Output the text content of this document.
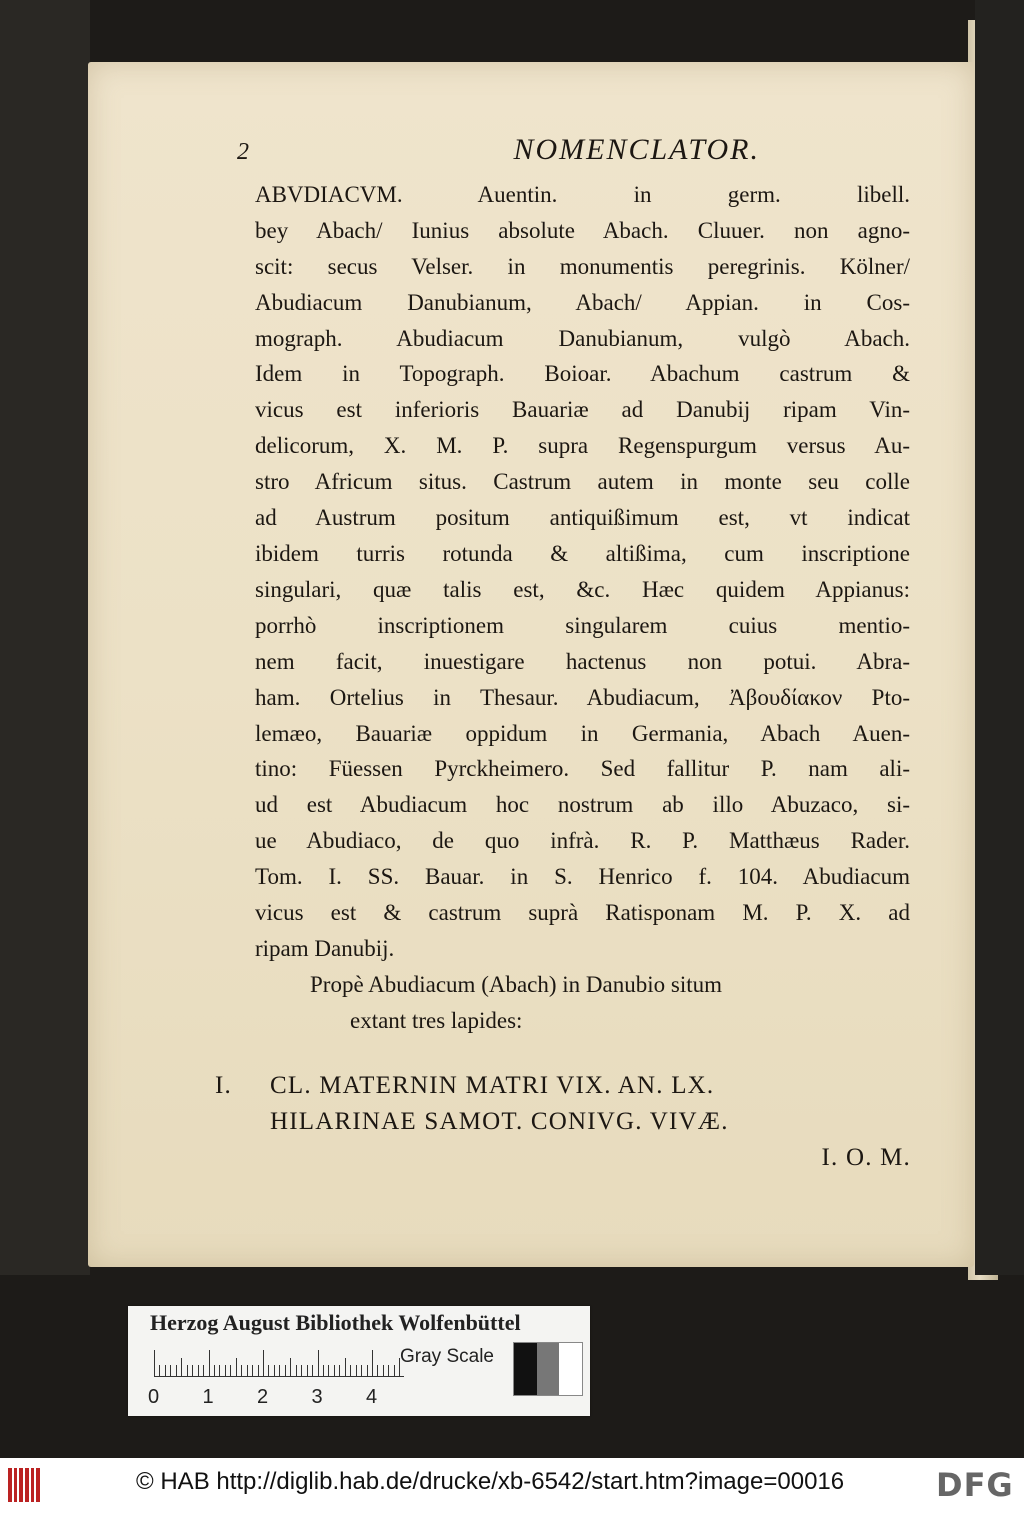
2	NOMENCLATOR.
ABVDIACVM. Auentin. in germ. libell.
bey Abach/ Iunius absolute Abach. Cluuer. non agno-
scit: secus Velser. in monumentis peregrinis. Kölner/
Abudiacum Danubianum, Abach/ Appian. in Cos-
mograph. Abudiacum Danubianum, vulgò Abach.
Idem in Topograph. Boioar. Abachum castrum &
vicus est inferioris Bauariæ ad Danubij ripam Vin-
delicorum, X. M. P. supra Regenspurgum versus Au-
stro Africum situs. Castrum autem in monte seu colle
ad Austrum positum antiquißimum est, vt indicat
ibidem turris rotunda & altißima, cum inscriptione
singulari, quæ talis est, &c. Hæc quidem Appianus:
porrhò inscriptionem singularem cuius mentio-
nem facit, inuestigare hactenus non potui. Abra-
ham. Ortelius in Thesaur. Abudiacum, Ἀβουδίακον Pto-
lemæo, Bauariæ oppidum in Germania, Abach Auen-
tino: Füessen Pyrckheimero. Sed fallitur P. nam ali-
ud est Abudiacum hoc nostrum ab illo Abuzaco, si-
ue Abudiaco, de quo infrà. R. P. Matthæus Rader.
Tom. I. SS. Bauar. in S. Henrico f. 104. Abudiacum
vicus est & castrum suprà Ratisponam M. P. X. ad
ripam Danubij.
Propè Abudiacum (Abach) in Danubio situm
extant tres lapides:
I.	CL. MATERNIN MATRI VIX. AN. LX.
HILARINAE SAMOT. CONIVG. VIVÆ.
I. O. M.
Herzog August Bibliothek Wolfenbüttel
0 1 2 3 4
Gray Scale
© HAB http://diglib.hab.de/drucke/xb-6542/start.htm?image=00016	DFG
